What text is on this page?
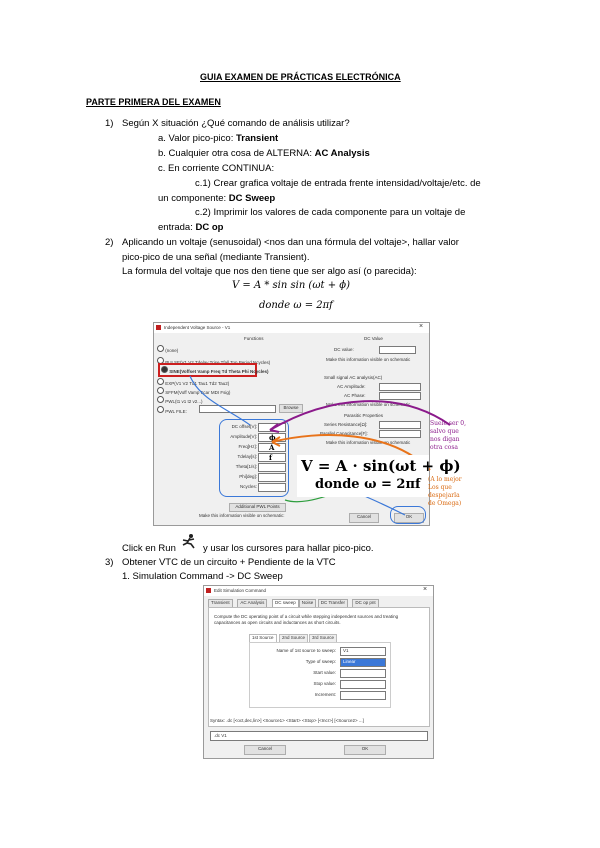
GUIA EXAMEN DE PRÁCTICAS ELECTRÓNICA
PARTE PRIMERA DEL EXAMEN
1) Según X situación ¿Qué comando de análisis utilizar?
a. Valor pico-pico: Transient
b. Cualquier otra cosa de ALTERNA: AC Analysis
c. En corriente CONTINUA:
c.1) Crear grafica voltaje de entrada frente intensidad/voltaje/etc. de
un componente: DC Sweep
c.2) Imprimir los valores de cada componente para un voltaje de
entrada: DC op
2) Aplicando un voltaje (senusoidal) <nos dan una fórmula del voltaje>, hallar valor
pico-pico de una señal (mediante Transient).
La formula del voltaje que nos den tiene que ser algo así (o parecida):
V = A * sin sin (ωt + ϕ)
donde ω = 2πf
Independent Voltage Source - V1	×
Functions	DC Value
DC value:
Make this information visible on schematic
(none)
PULSE(V1 V2 Tdelay Trise Tfall Ton Period Ncycles)
SINE(Voffset Vamp Freq Td Theta Phi Ncycles)
EXP(V1 V2 Td1 Tau1 Td2 Tau2)
SFFM(Voff Vamp Fcar MDI Fsig)
PWL(t1 v1 t2 v2...)
PWL FILE:
Browse
Small signal AC analysis(AC)
AC Amplitude:
AC Phase:
Make this information visible on schematic
Parasitic Properties
Series Resistance[Ω]:
Parallel Capacitance[F]:
Make this information visible on schematic
DC offset[V]:
Amplitude[V]: ϕ
Freq[Hz]: A
Tdelay[s]: f
Theta[1/s]:
Phi[deg]:
Ncycles:
Additional PWL Points
Make this information visible on schematic:	Cancel	OK
V = A · sin(ωt + ϕ)
donde ω = 2πf
Suele ser 0,
salvo que
nos digan
otra cosa
(A lo mejor
Los que
despejarla
de Omega)
Click en Run	y usar los cursores para hallar pico-pico.
3) Obtener VTC de un circuito + Pendiente de la VTC
1. Simulation Command -> DC Sweep
Edit Simulation Command	×
Transient	AC Analysis	DC sweep	Noise	DC Transfer	DC op pnt
Compute the DC operating point of a circuit while stepping independent sources and treating capacitances as open circuits and inductances as short circuits.
1st Source	2nd Source	3rd Source
Name of 1st source to sweep: V1
Type of sweep: Linear
Start value:
Stop value:
Increment:
Syntax: .dc [<oct,dec,lin>] <Source1> <Start> <Stop> [<Incr>] [<Source2> ...]
.dc V1
Cancel	OK
